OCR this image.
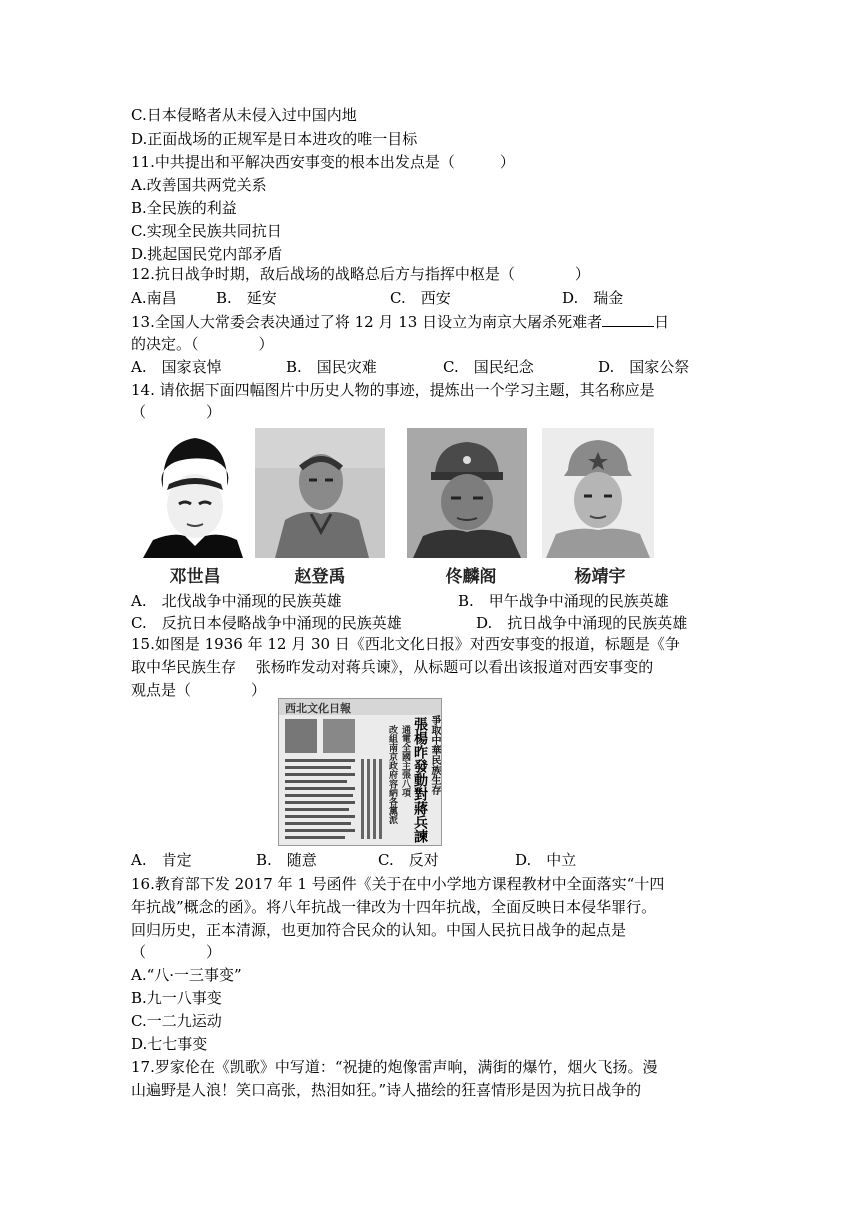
C.日本侵略者从未侵入过中国内地
D.正面战场的正规军是日本进攻的唯一目标
11.中共提出和平解决西安事变的根本出发点是（　　　）
A.改善国共两党关系
B.全民族的利益
C.实现全民族共同抗日
D.挑起国民党内部矛盾
12.抗日战争时期，敌后战场的战略总后方与指挥中枢是（　　　　）
A.南昌	B.　延安	C.　西安	D.　瑞金
13.全国人大常委会表决通过了将 12 月 13 日设立为南京大屠杀死难者	日
的决定。（　　　　）
A.　国家哀悼	B.　国民灾难	C.　国民纪念	D.　国家公祭
14. 请依据下面四幅图片中历史人物的事迹，提炼出一个学习主题，其名称应是
（　　　　）
邓世昌	赵登禹	佟麟阁	杨靖宇
A.　北伐战争中涌现的民族英雄	B.　甲午战争中涌现的民族英雄
C.　反抗日本侵略战争中涌现的民族英雄	D.　抗日战争中涌现的民族英雄
15.如图是 1936 年 12 月 30 日《西北文化日报》对西安事变的报道，标题是《争
取中华民族生存　 张杨昨发动对蒋兵谏》，从标题可以看出该报道对西安事变的
观点是（　　　　）
西北文化日報
爭取中華民族生存
張楊昨發動對蔣兵諫
通電全國主張八項
改組南京政府容納各黨派
A.　肯定	B.　随意	C.　反对	D.　中立
16.教育部下发 2017 年 1 号函件《关于在中小学地方课程教材中全面落实“十四
年抗战”概念的函》。将八年抗战一律改为十四年抗战，全面反映日本侵华罪行。
回归历史，正本清源，也更加符合民众的认知。中国人民抗日战争的起点是
（　　　　）
A.“八·一三事变”
B.九一八事变
C.一二九运动
D.七七事变
17.罗家伦在《凯歌》中写道：“祝捷的炮像雷声响，满街的爆竹，烟火飞扬。漫
山遍野是人浪！笑口高张，热泪如狂。”诗人描绘的狂喜情形是因为抗日战争的
